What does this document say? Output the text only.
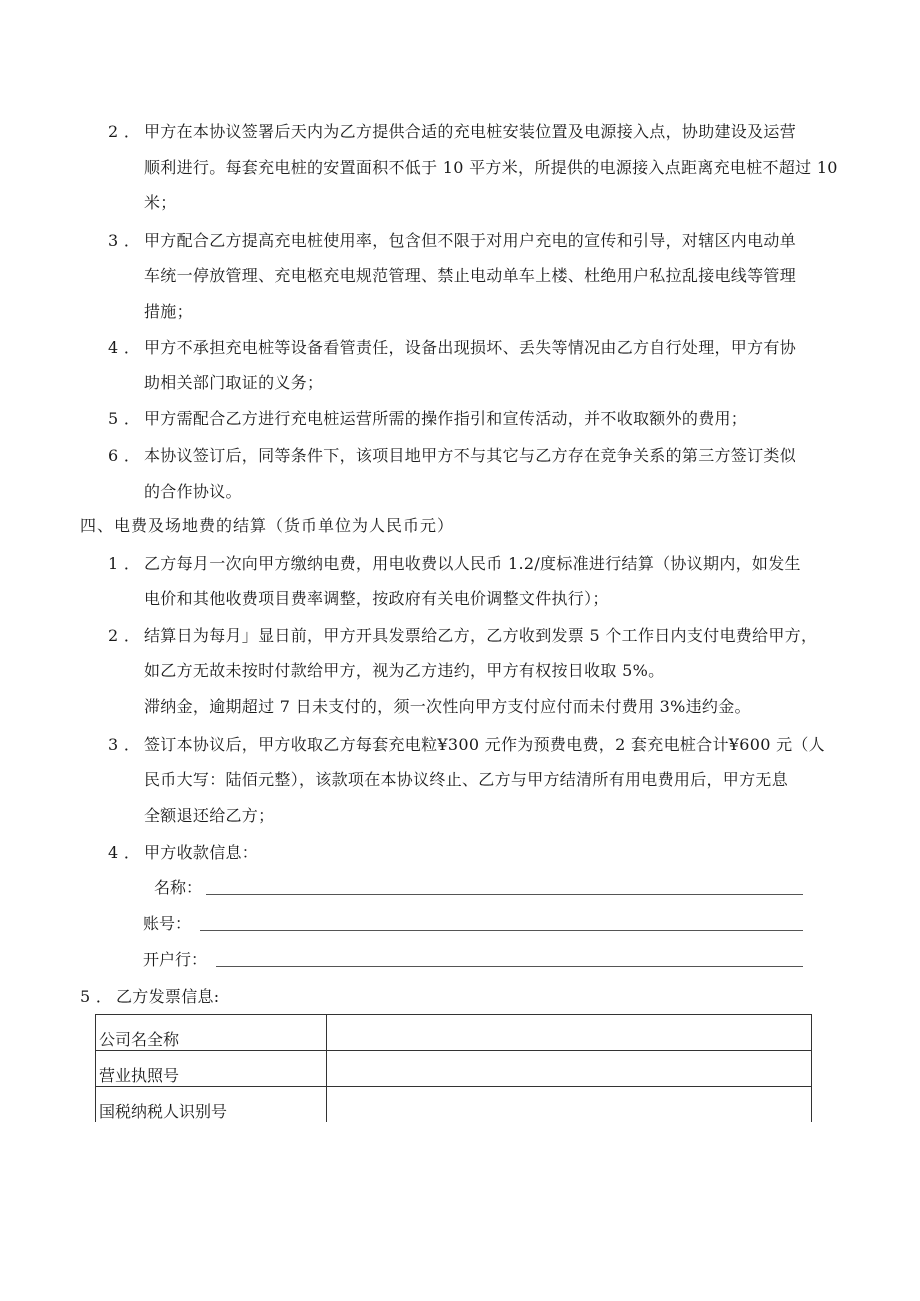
2 ． 甲方在本协议签署后天内为乙方提供合适的充电桩安装位置及电源接入点，协助建设及运营
顺利进行。每套充电桩的安置面积不低于 10 平方米，所提供的电源接入点距离充电桩不超过 10
米；
3 ． 甲方配合乙方提高充电桩使用率，包含但不限于对用户充电的宣传和引导，对辖区内电动单
车统一停放管理、充电柩充电规范管理、禁止电动单车上楼、杜绝用户私拉乱接电线等管理
措施；
4 ． 甲方不承担充电桩等设备看管责任，设备出现损坏、丢失等情况由乙方自行处理，甲方有协
助相关部门取证的义务；
5 ． 甲方需配合乙方进行充电桩运营所需的操作指引和宣传活动，并不收取额外的费用；
6 ． 本协议签订后，同等条件下，该项目地甲方不与其它与乙方存在竞争关系的第三方签订类似
的合作协议。
四、电费及场地费的结算（货币单位为人民币元）
1 ． 乙方每月一次向甲方缴纳电费，用电收费以人民币 1.2/度标准进行结算（协议期内，如发生
电价和其他收费项目费率调整，按政府有关电价调整文件执行）；
2 ． 结算日为每月」显日前，甲方开具发票给乙方，乙方收到发票 5 个工作日内支付电费给甲方，
如乙方无故未按时付款给甲方，视为乙方违约，甲方有权按日收取 5%。
滞纳金，逾期超过 7 日未支付的，须一次性向甲方支付应付而未付费用 3%违约金。
3 ． 签订本协议后，甲方收取乙方每套充电粒¥300 元作为预费电费，2 套充电桩合计¥600 元（人
民币大写：陆佰元整），该款项在本协议终止、乙方与甲方结清所有用电费用后，甲方无息
全额退还给乙方；
4 ． 甲方收款信息：
名称：
账号：
开户行：
5 ． 乙方发票信息:
公司名全称	
营业执照号	
国税纳税人识别号	
